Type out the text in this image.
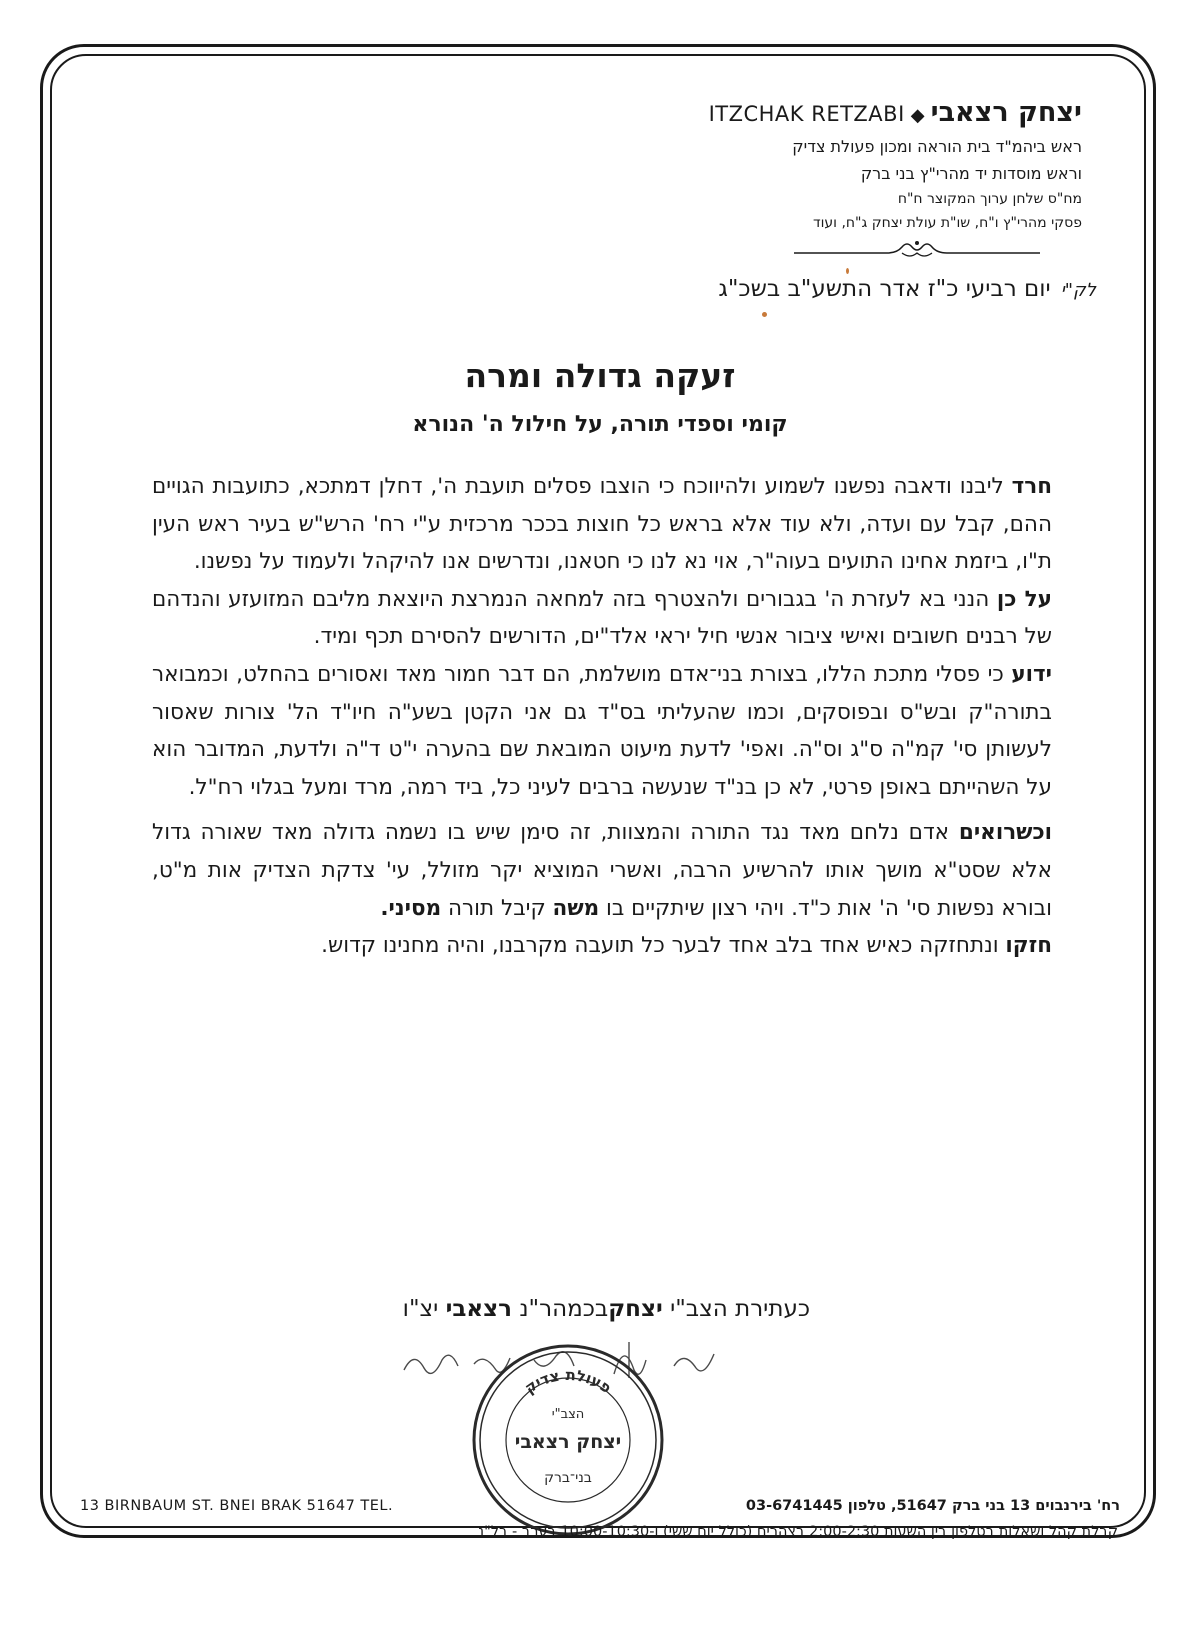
יצחק רצאבי◆ITZCHAK RETZABI
ראש ביהמ"ד בית הוראה ומכון פעולת צדיק
וראש מוסדות יד מהרי"ץ בני ברק
מח"ס שלחן ערוך המקוצר ח"ח
פסקי מהרי"ץ ו"ח, שו"ת עולת יצחק ג"ח, ועוד
לק"ייום רביעי כ"ז אדר התשע"ב בשכ"ג
זעקה גדולה ומרה
קומי וספדי תורה, על חילול ה' הנורא

חרד ליבנו ודאבה נפשנו לשמוע ולהיווכח כי הוצבו פסלים תועבת ה', דחלן דמתכא, כתועבות הגויים ההם, קבל עם ועדה, ולא עוד אלא בראש כל חוצות בככר מרכזית ע"י רח' הרש"ש בעיר ראש העין ת"ו, ביזמת אחינו התועים בעוה"ר, אוי נא לנו כי חטאנו, ונדרשים אנו להיקהל ולעמוד על נפשנו.

על כן הנני בא לעזרת ה' בגבורים ולהצטרף בזה למחאה הנמרצת היוצאת מליבם המזועזע והנדהם של רבנים חשובים ואישי ציבור אנשי חיל יראי אלד"ים, הדורשים להסירם תכף ומיד.

ידוע כי פסלי מתכת הללו, בצורת בני־אדם מושלמת, הם דבר חמור מאד ואסורים בהחלט, וכמבואר בתורה"ק ובש"ס ובפוסקים, וכמו שהעליתי בס"ד גם אני הקטן בשע"ה חיו"ד הל' צורות שאסור לעשותן סי' קמ"ה ס"ג וס"ה. ואפי' לדעת מיעוט המובאת שם בהערה י"ט ד"ה ולדעת, המדובר הוא על השהייתם באופן פרטי, לא כן בנ"ד שנעשה ברבים לעיני כל, ביד רמה, מרד ומעל בגלוי רח"ל.

וכשרואים אדם נלחם מאד נגד התורה והמצוות, זה סימן שיש בו נשמה גדולה מאד שאורה גדול אלא שסט"א מושך אותו להרשיע הרבה, ואשרי המוציא יקר מזולל, עי' צדקת הצדיק אות מ"ט, ובורא נפשות סי' ה' אות כ"ד. ויהי רצון שיתקיים בו משה קיבל תורה מסיני.

חזקו ונתחזקה כאיש אחד בלב אחד לבער כל תועבה מקרבנו, והיה מחנינו קדוש.

כעתירת הצב"י יצחקבכמהר"נ רצאבי יצ"ו
פעולת צדיק
הצב"י
יצחק רצאבי
בני־ברק
רח' בירנבוים 13 בני ברק 51647, טלפון 03-6741445
13 BIRNBAUM ST. BNEI BRAK 51647 TEL.
קבלת קהל ושאלות בטלפון בין השעות 2:00-2:30 בצהרים (כולל יום ששי) ו-10:00-10:30 בערב - בל"נ
